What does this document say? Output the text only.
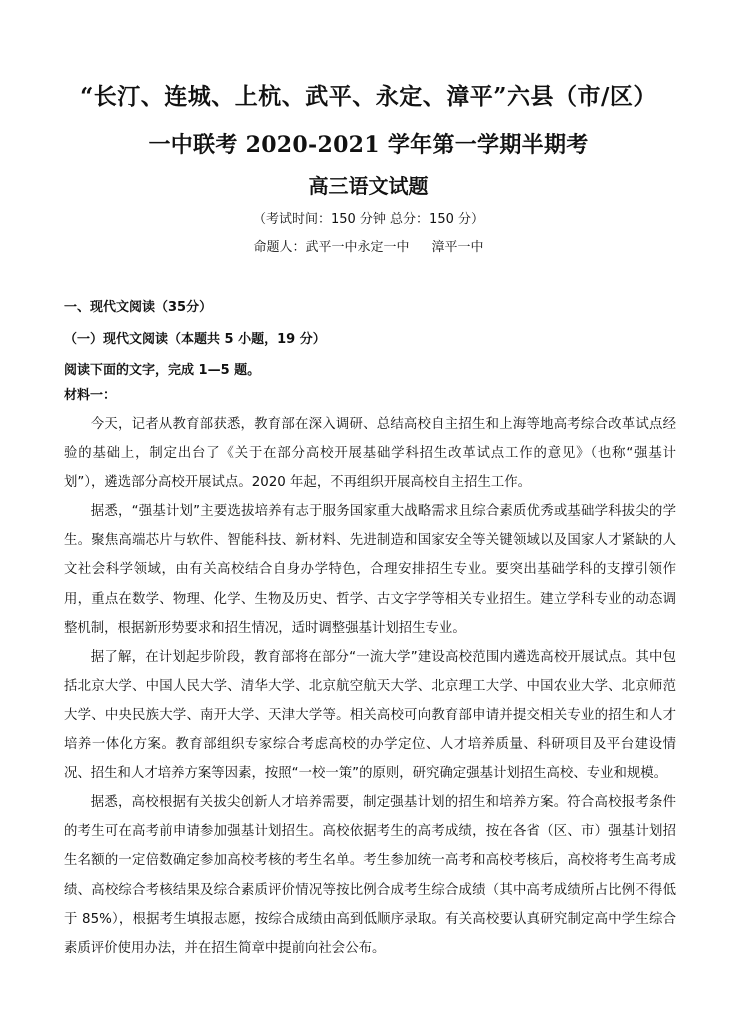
“长汀、连城、上杭、武平、永定、漳平”六县（市/区）
一中联考 2020-2021 学年第一学期半期考
高三语文试题
（考试时间：150 分钟 总分：150 分）
命题人：武平一中永定一中 漳平一中
一、现代文阅读（35分）
（一）现代文阅读（本题共 5 小题，19 分）
阅读下面的文字，完成 1—5 题。
材料一：

今天，记者从教育部获悉，教育部在深入调研、总结高校自主招生和上海等地高考综合改革试点经验的基础上，制定出台了《关于在部分高校开展基础学科招生改革试点工作的意见》（也称“强基计划”），遴选部分高校开展试点。2020 年起，不再组织开展高校自主招生工作。

据悉，“强基计划”主要选拔培养有志于服务国家重大战略需求且综合素质优秀或基础学科拔尖的学生。聚焦高端芯片与软件、智能科技、新材料、先进制造和国家安全等关键领域以及国家人才紧缺的人文社会科学领域，由有关高校结合自身办学特色，合理安排招生专业。要突出基础学科的支撑引领作用，重点在数学、物理、化学、生物及历史、哲学、古文字学等相关专业招生。建立学科专业的动态调整机制，根据新形势要求和招生情况，适时调整强基计划招生专业。

据了解，在计划起步阶段，教育部将在部分“一流大学”建设高校范围内遴选高校开展试点。其中包括北京大学、中国人民大学、清华大学、北京航空航天大学、北京理工大学、中国农业大学、北京师范大学、中央民族大学、南开大学、天津大学等。相关高校可向教育部申请并提交相关专业的招生和人才培养一体化方案。教育部组织专家综合考虑高校的办学定位、人才培养质量、科研项目及平台建设情况、招生和人才培养方案等因素，按照“一校一策”的原则，研究确定强基计划招生高校、专业和规模。

据悉，高校根据有关拔尖创新人才培养需要，制定强基计划的招生和培养方案。符合高校报考条件的考生可在高考前申请参加强基计划招生。高校依据考生的高考成绩，按在各省（区、市）强基计划招生名额的一定倍数确定参加高校考核的考生名单。考生参加统一高考和高校考核后，高校将考生高考成绩、高校综合考核结果及综合素质评价情况等按比例合成考生综合成绩（其中高考成绩所占比例不得低于 85%），根据考生填报志愿，按综合成绩由高到低顺序录取。有关高校要认真研究制定高中学生综合素质评价使用办法，并在招生简章中提前向社会公布。
